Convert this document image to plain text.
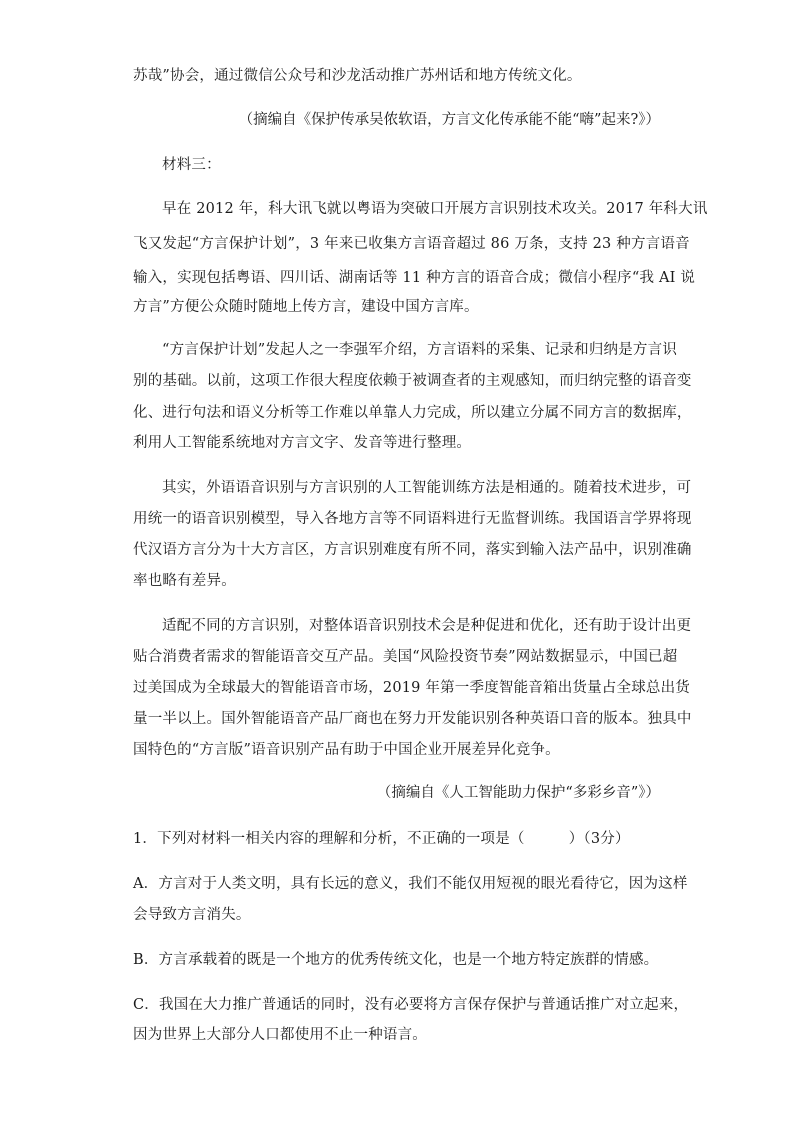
苏哉”协会，通过微信公众号和沙龙活动推广苏州话和地方传统文化。
（摘编自《保护传承吴侬软语，方言文化传承能不能“嗨”起来?》）
材料三：
早在 2012 年，科大讯飞就以粤语为突破口开展方言识别技术攻关。2017 年科大讯
飞又发起“方言保护计划”，3 年来已收集方言语音超过 86 万条，支持 23 种方言语音
输入，实现包括粤语、四川话、湖南话等 11 种方言的语音合成；微信小程序“我 AI 说
方言”方便公众随时随地上传方言，建设中国方言库。
“方言保护计划”发起人之一李强军介绍，方言语料的采集、记录和归纳是方言识
别的基础。以前，这项工作很大程度依赖于被调查者的主观感知，而归纳完整的语音变
化、进行句法和语义分析等工作难以单靠人力完成，所以建立分属不同方言的数据库，
利用人工智能系统地对方言文字、发音等进行整理。
其实，外语语音识别与方言识别的人工智能训练方法是相通的。随着技术进步，可
用统一的语音识别模型，导入各地方言等不同语料进行无监督训练。我国语言学界将现
代汉语方言分为十大方言区，方言识别难度有所不同，落实到输入法产品中，识别准确
率也略有差异。
适配不同的方言识别，对整体语音识别技术会是种促进和优化，还有助于设计出更
贴合消费者需求的智能语音交互产品。美国“风险投资节奏”网站数据显示，中国已超
过美国成为全球最大的智能语音市场，2019 年第一季度智能音箱出货量占全球总出货
量一半以上。国外智能语音产品厂商也在努力开发能识别各种英语口音的版本。独具中
国特色的“方言版”语音识别产品有助于中国企业开展差异化竞争。
（摘编自《人工智能助力保护“多彩乡音”》）
1．下列对材料一相关内容的理解和分析，不正确的一项是（　　　）（3分）
A．方言对于人类文明，具有长远的意义，我们不能仅用短视的眼光看待它，因为这样
会导致方言消失。
B．方言承载着的既是一个地方的优秀传统文化，也是一个地方特定族群的情感。
C．我国在大力推广普通话的同时，没有必要将方言保存保护与普通话推广对立起来，
因为世界上大部分人口都使用不止一种语言。
